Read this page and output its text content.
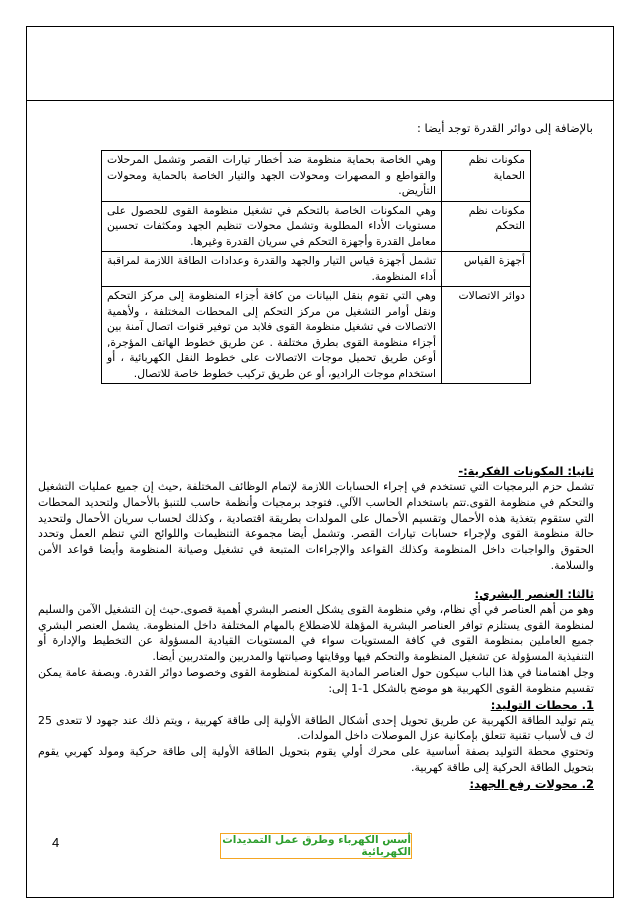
بالإضافة إلى دوائر القدرة توجد أيضا :
مكونات نظم الحماية	وهي الخاصة بحماية منظومة ضد أخطار تيارات القصر وتشمل المرحلات والقواطع و المصهرات ومحولات الجهد والتيار الخاصة بالحماية ومحولات التأريض.
مكونات نظم التحكم	وهي المكونات الخاصة بالتحكم في تشغيل منظومة القوى للحصول على مستويات الأداء المطلوبة وتشمل محولات تنظيم الجهد ومكثفات تحسين معامل القدرة وأجهزة التحكم في سريان القدرة وغيرها.
أجهزة القياس	تشمل أجهزة قياس التيار والجهد والقدرة وعدادات الطاقة اللازمة لمراقبة أداء المنظومة.
دوائر الاتصالات	وهي التي تقوم بنقل البيانات من كافة أجزاء المنظومة إلى مركز التحكم ونقل أوامر التشغيل من مركز التحكم إلى المحطات المختلفة ، ولأهمية الاتصالات في تشغيل منظومة القوى فلابد من توفير قنوات اتصال آمنة بين أجزاء منظومة القوى بطرق مختلفة . عن طريق خطوط الهاتف المؤجرة, أوعن طريق تحميل موجات الاتصالات على خطوط النقل الكهربائية ، أو استخدام موجات الراديو، أو عن طريق تركيب خطوط خاصة للاتصال.
ثانيا: المكونات الفكرية:-

تشمل حزم البرمجيات التي تستخدم في إجراء الحسابات اللازمة لإتمام الوظائف المختلفة ,حيث إن جميع عمليات التشغيل والتحكم في منظومة القوى.تتم باستخدام الحاسب الآلي. فتوجد برمجيات وأنظمة حاسب للتنبؤ بالأحمال ولتحديد المحطات التي ستقوم بتغذية هذه الأحمال وتقسيم الأحمال على المولدات بطريقة اقتصادية ، وكذلك لحساب سريان الأحمال ولتحديد حالة منظومة القوى ولإجراء حسابات تيارات القصر. وتشمل أيضا مجموعة التنظيمات واللوائح التي تنظم العمل وتحدد الحقوق والواجبات داخل المنظومة وكذلك القواعد والإجراءات المتبعة في تشغيل وصيانة المنظومة وأيضا قواعد الأمن والسلامة.

ثالثا: العنصر البشري:

وهو من أهم العناصر في أي نظام، وفي منظومة القوى يشكل العنصر البشري أهمية قصوى.حيث إن التشغيل الآمن والسليم لمنظومة القوى يستلزم توافر العناصر البشرية المؤهلة للاضطلاع بالمهام المختلفة داخل المنظومة. يشمل العنصر البشري جميع العاملين بمنظومة القوى في كافة المستويات سواء في المستويات القيادية المسؤولة عن التخطيط والإدارة أو التنفيذية المسؤولة عن تشغيل المنظومة والتحكم فيها ووقايتها وصيانتها والمدربين والمتدربين أيضا.

وجل اهتمامنا في هذا الباب سيكون حول العناصر المادية المكونة لمنظومة القوى وخصوصا دوائر القدرة. وبصفة عامة يمكن تقسيم منظومة القوى الكهربية هو موضح بالشكل 1-1 إلى:

1. محطات التوليد:

يتم توليد الطاقة الكهربية عن طريق تحويل إحدى أشكال الطاقة الأولية إلى طاقة كهربية ، ويتم ذلك عند جهود لا تتعدى 25 ك ف لأسباب تقنية تتعلق بإمكانية عزل الموصلات داخل المولدات.

وتحتوي محطة التوليد بصفة أساسية على محرك أولي يقوم بتحويل الطاقة الأولية إلى طاقة حركية ومولد كهربي يقوم بتحويل الطاقة الحركية إلى طاقة كهربية.

2. محولات رفع الجهد:
أسس الكهرباء وطرق عمل التمديدات الكهربائية
4
